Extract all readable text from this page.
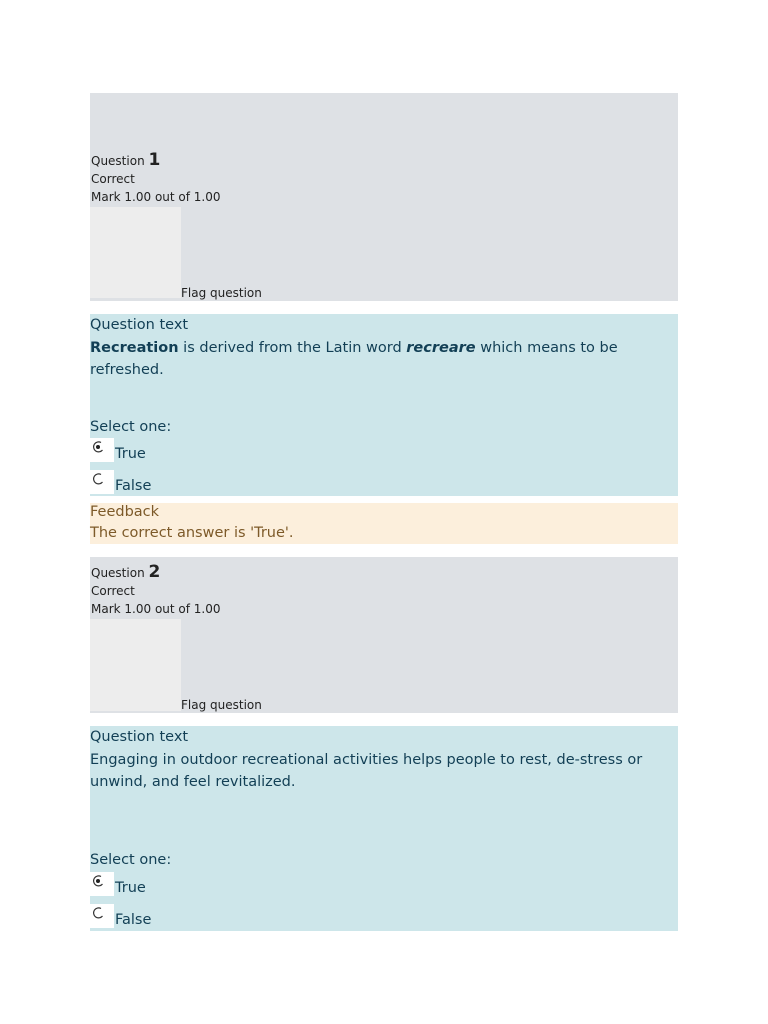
Question 1
Correct
Mark 1.00 out of 1.00
Flag question
Question text
Recreation is derived from the Latin word recreare which means to be refreshed.
Select one:
True
False
Feedback
The correct answer is 'True'.
Question 2
Correct
Mark 1.00 out of 1.00
Flag question
Question text
Engaging in outdoor recreational activities helps people to rest, de-stress or unwind, and feel revitalized.
Select one:
True
False
